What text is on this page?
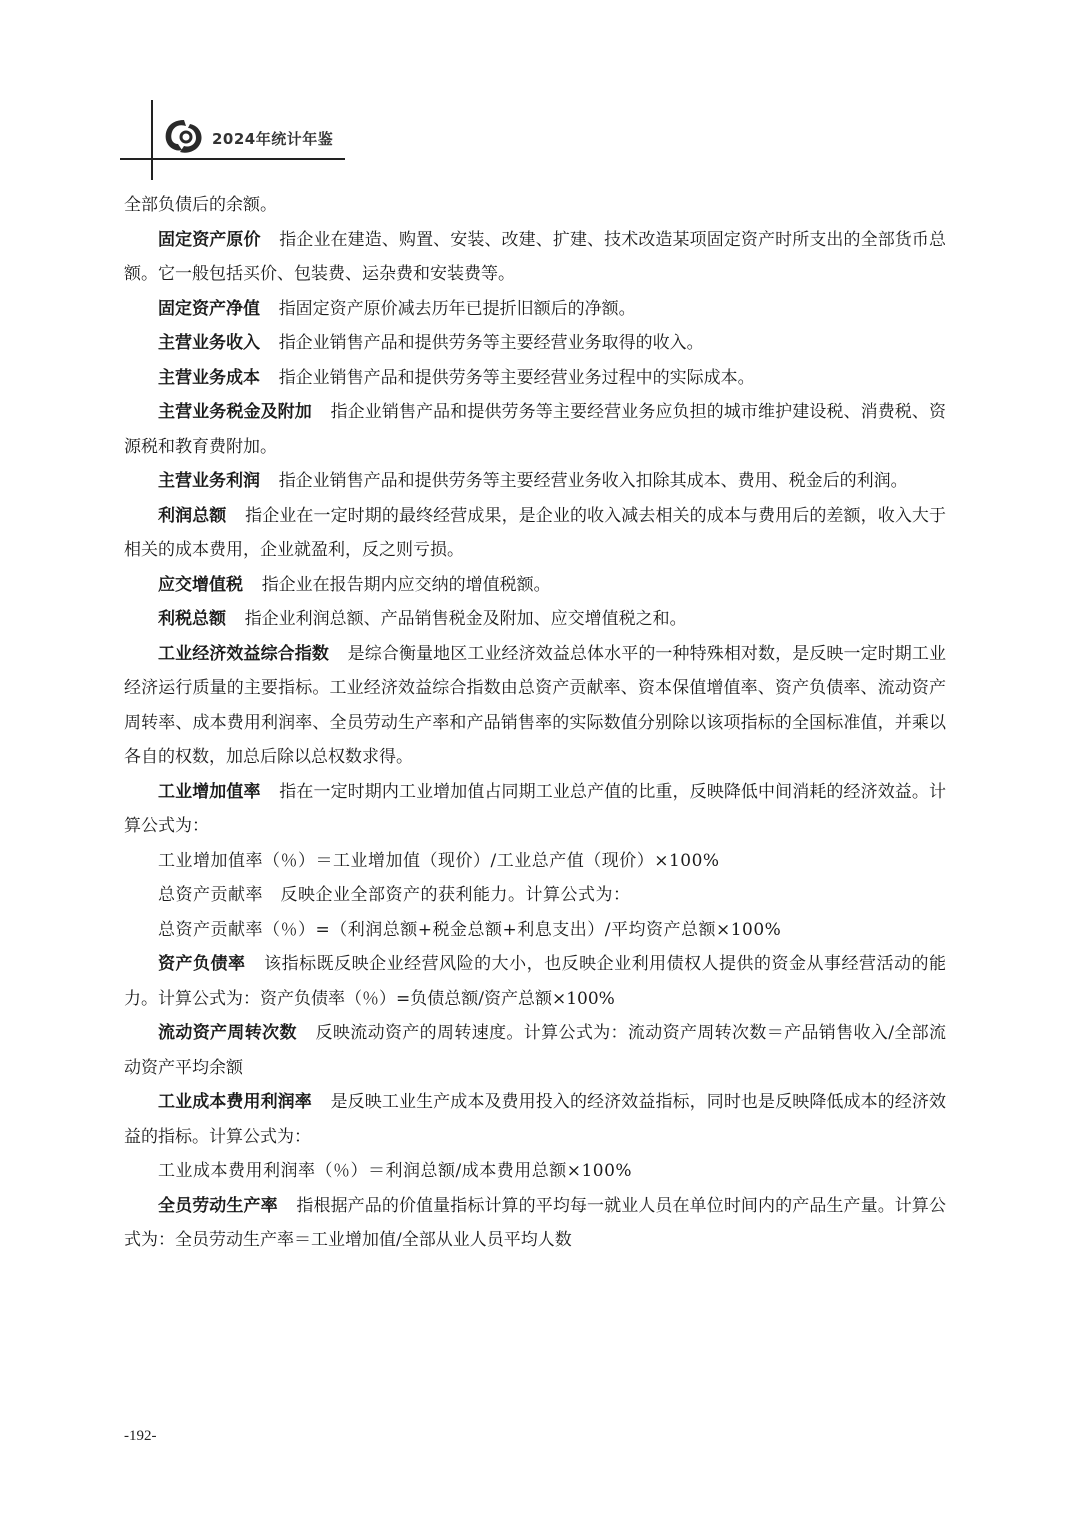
2024年统计年鉴

全部负债后的余额。

固定资产原价 指企业在建造、购置、安装、改建、扩建、技术改造某项固定资产时所支出的全部货币总额。它一般包括买价、包装费、运杂费和安装费等。

固定资产净值 指固定资产原价减去历年已提折旧额后的净额。

主营业务收入 指企业销售产品和提供劳务等主要经营业务取得的收入。

主营业务成本 指企业销售产品和提供劳务等主要经营业务过程中的实际成本。

主营业务税金及附加 指企业销售产品和提供劳务等主要经营业务应负担的城市维护建设税、消费税、资源税和教育费附加。

主营业务利润 指企业销售产品和提供劳务等主要经营业务收入扣除其成本、费用、税金后的利润。

利润总额 指企业在一定时期的最终经营成果，是企业的收入减去相关的成本与费用后的差额，收入大于相关的成本费用，企业就盈利，反之则亏损。

应交增值税 指企业在报告期内应交纳的增值税额。

利税总额 指企业利润总额、产品销售税金及附加、应交增值税之和。

工业经济效益综合指数 是综合衡量地区工业经济效益总体水平的一种特殊相对数，是反映一定时期工业经济运行质量的主要指标。工业经济效益综合指数由总资产贡献率、资本保值增值率、资产负债率、流动资产周转率、成本费用利润率、全员劳动生产率和产品销售率的实际数值分别除以该项指标的全国标准值，并乘以各自的权数，加总后除以总权数求得。

工业增加值率 指在一定时期内工业增加值占同期工业总产值的比重，反映降低中间消耗的经济效益。计算公式为：

工业增加值率（％）＝工业增加值（现价）/工业总产值（现价）×100%

总资产贡献率　反映企业全部资产的获利能力。计算公式为：

总资产贡献率（％）=（利润总额+税金总额+利息支出）/平均资产总额×100%

资产负债率 该指标既反映企业经营风险的大小，也反映企业利用债权人提供的资金从事经营活动的能力。计算公式为：资产负债率（％）=负债总额/资产总额×100%

流动资产周转次数 反映流动资产的周转速度。计算公式为：流动资产周转次数＝产品销售收入/全部流动资产平均余额

工业成本费用利润率 是反映工业生产成本及费用投入的经济效益指标，同时也是反映降低成本的经济效益的指标。计算公式为：

工业成本费用利润率（％）＝利润总额/成本费用总额×100%

全员劳动生产率 指根据产品的价值量指标计算的平均每一就业人员在单位时间内的产品生产量。计算公式为：全员劳动生产率＝工业增加值/全部从业人员平均人数

-192-
